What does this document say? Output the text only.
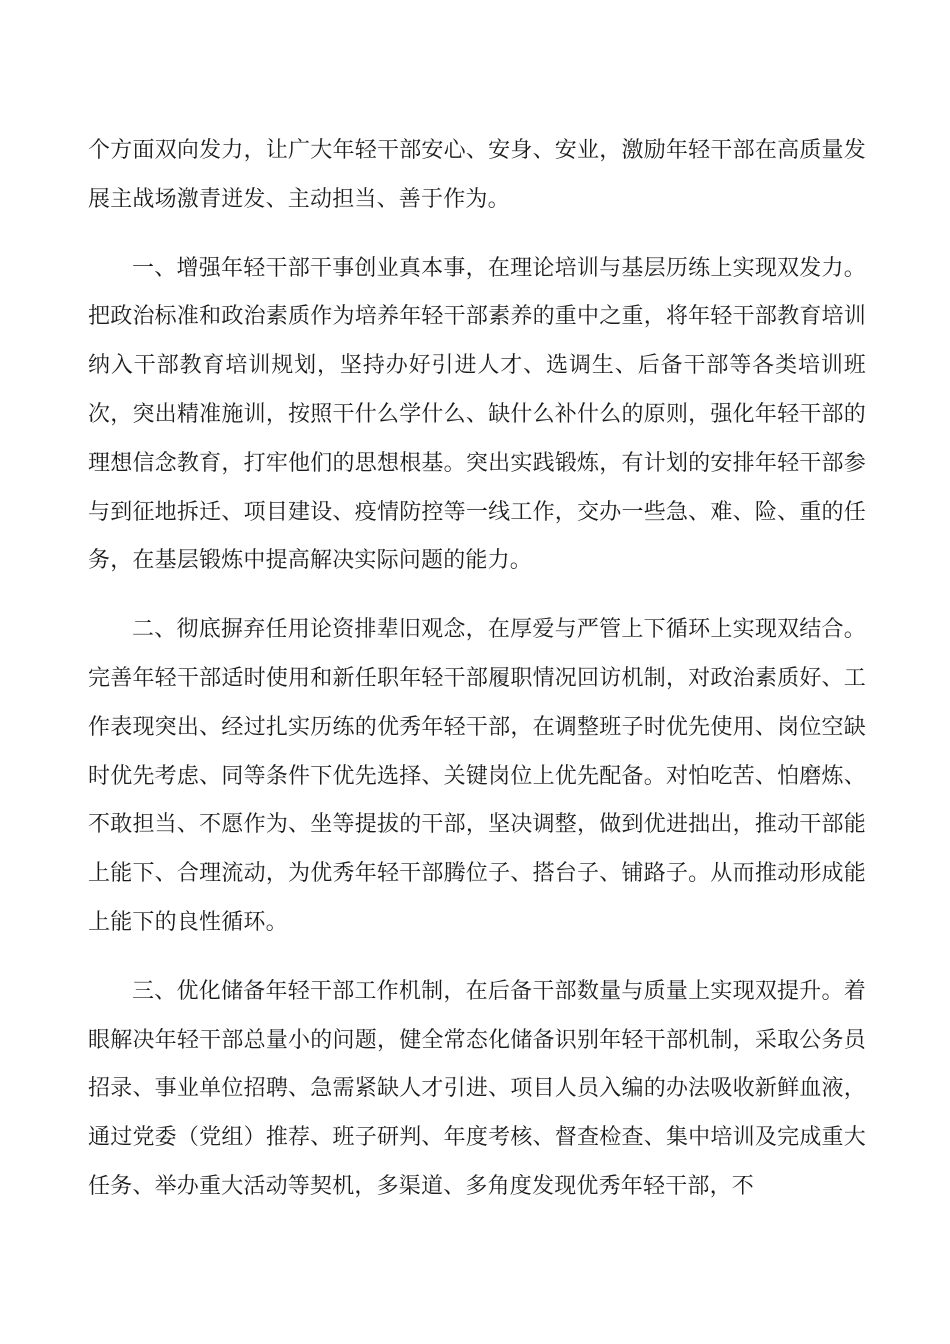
个方面双向发力，让广大年轻干部安心、安身、安业，激励年轻干部在高质量发展主战场激青迸发、主动担当、善于作为。

一、增强年轻干部干事创业真本事，在理论培训与基层历练上实现双发力。把政治标准和政治素质作为培养年轻干部素养的重中之重，将年轻干部教育培训纳入干部教育培训规划，坚持办好引进人才、选调生、后备干部等各类培训班次，突出精准施训，按照干什么学什么、缺什么补什么的原则，强化年轻干部的理想信念教育，打牢他们的思想根基。突出实践锻炼，有计划的安排年轻干部参与到征地拆迁、项目建设、疫情防控等一线工作，交办一些急、难、险、重的任务，在基层锻炼中提高解决实际问题的能力。

二、彻底摒弃任用论资排辈旧观念，在厚爱与严管上下循环上实现双结合。完善年轻干部适时使用和新任职年轻干部履职情况回访机制，对政治素质好、工作表现突出、经过扎实历练的优秀年轻干部，在调整班子时优先使用、岗位空缺时优先考虑、同等条件下优先选择、关键岗位上优先配备。对怕吃苦、怕磨炼、不敢担当、不愿作为、坐等提拔的干部，坚决调整，做到优进拙出，推动干部能上能下、合理流动，为优秀年轻干部腾位子、搭台子、铺路子。从而推动形成能上能下的良性循环。

三、优化储备年轻干部工作机制，在后备干部数量与质量上实现双提升。着眼解决年轻干部总量小的问题，健全常态化储备识别年轻干部机制，采取公务员招录、事业单位招聘、急需紧缺人才引进、项目人员入编的办法吸收新鲜血液，通过党委（党组）推荐、班子研判、年度考核、督查检查、集中培训及完成重大任务、举办重大活动等契机，多渠道、多角度发现优秀年轻干部，不
